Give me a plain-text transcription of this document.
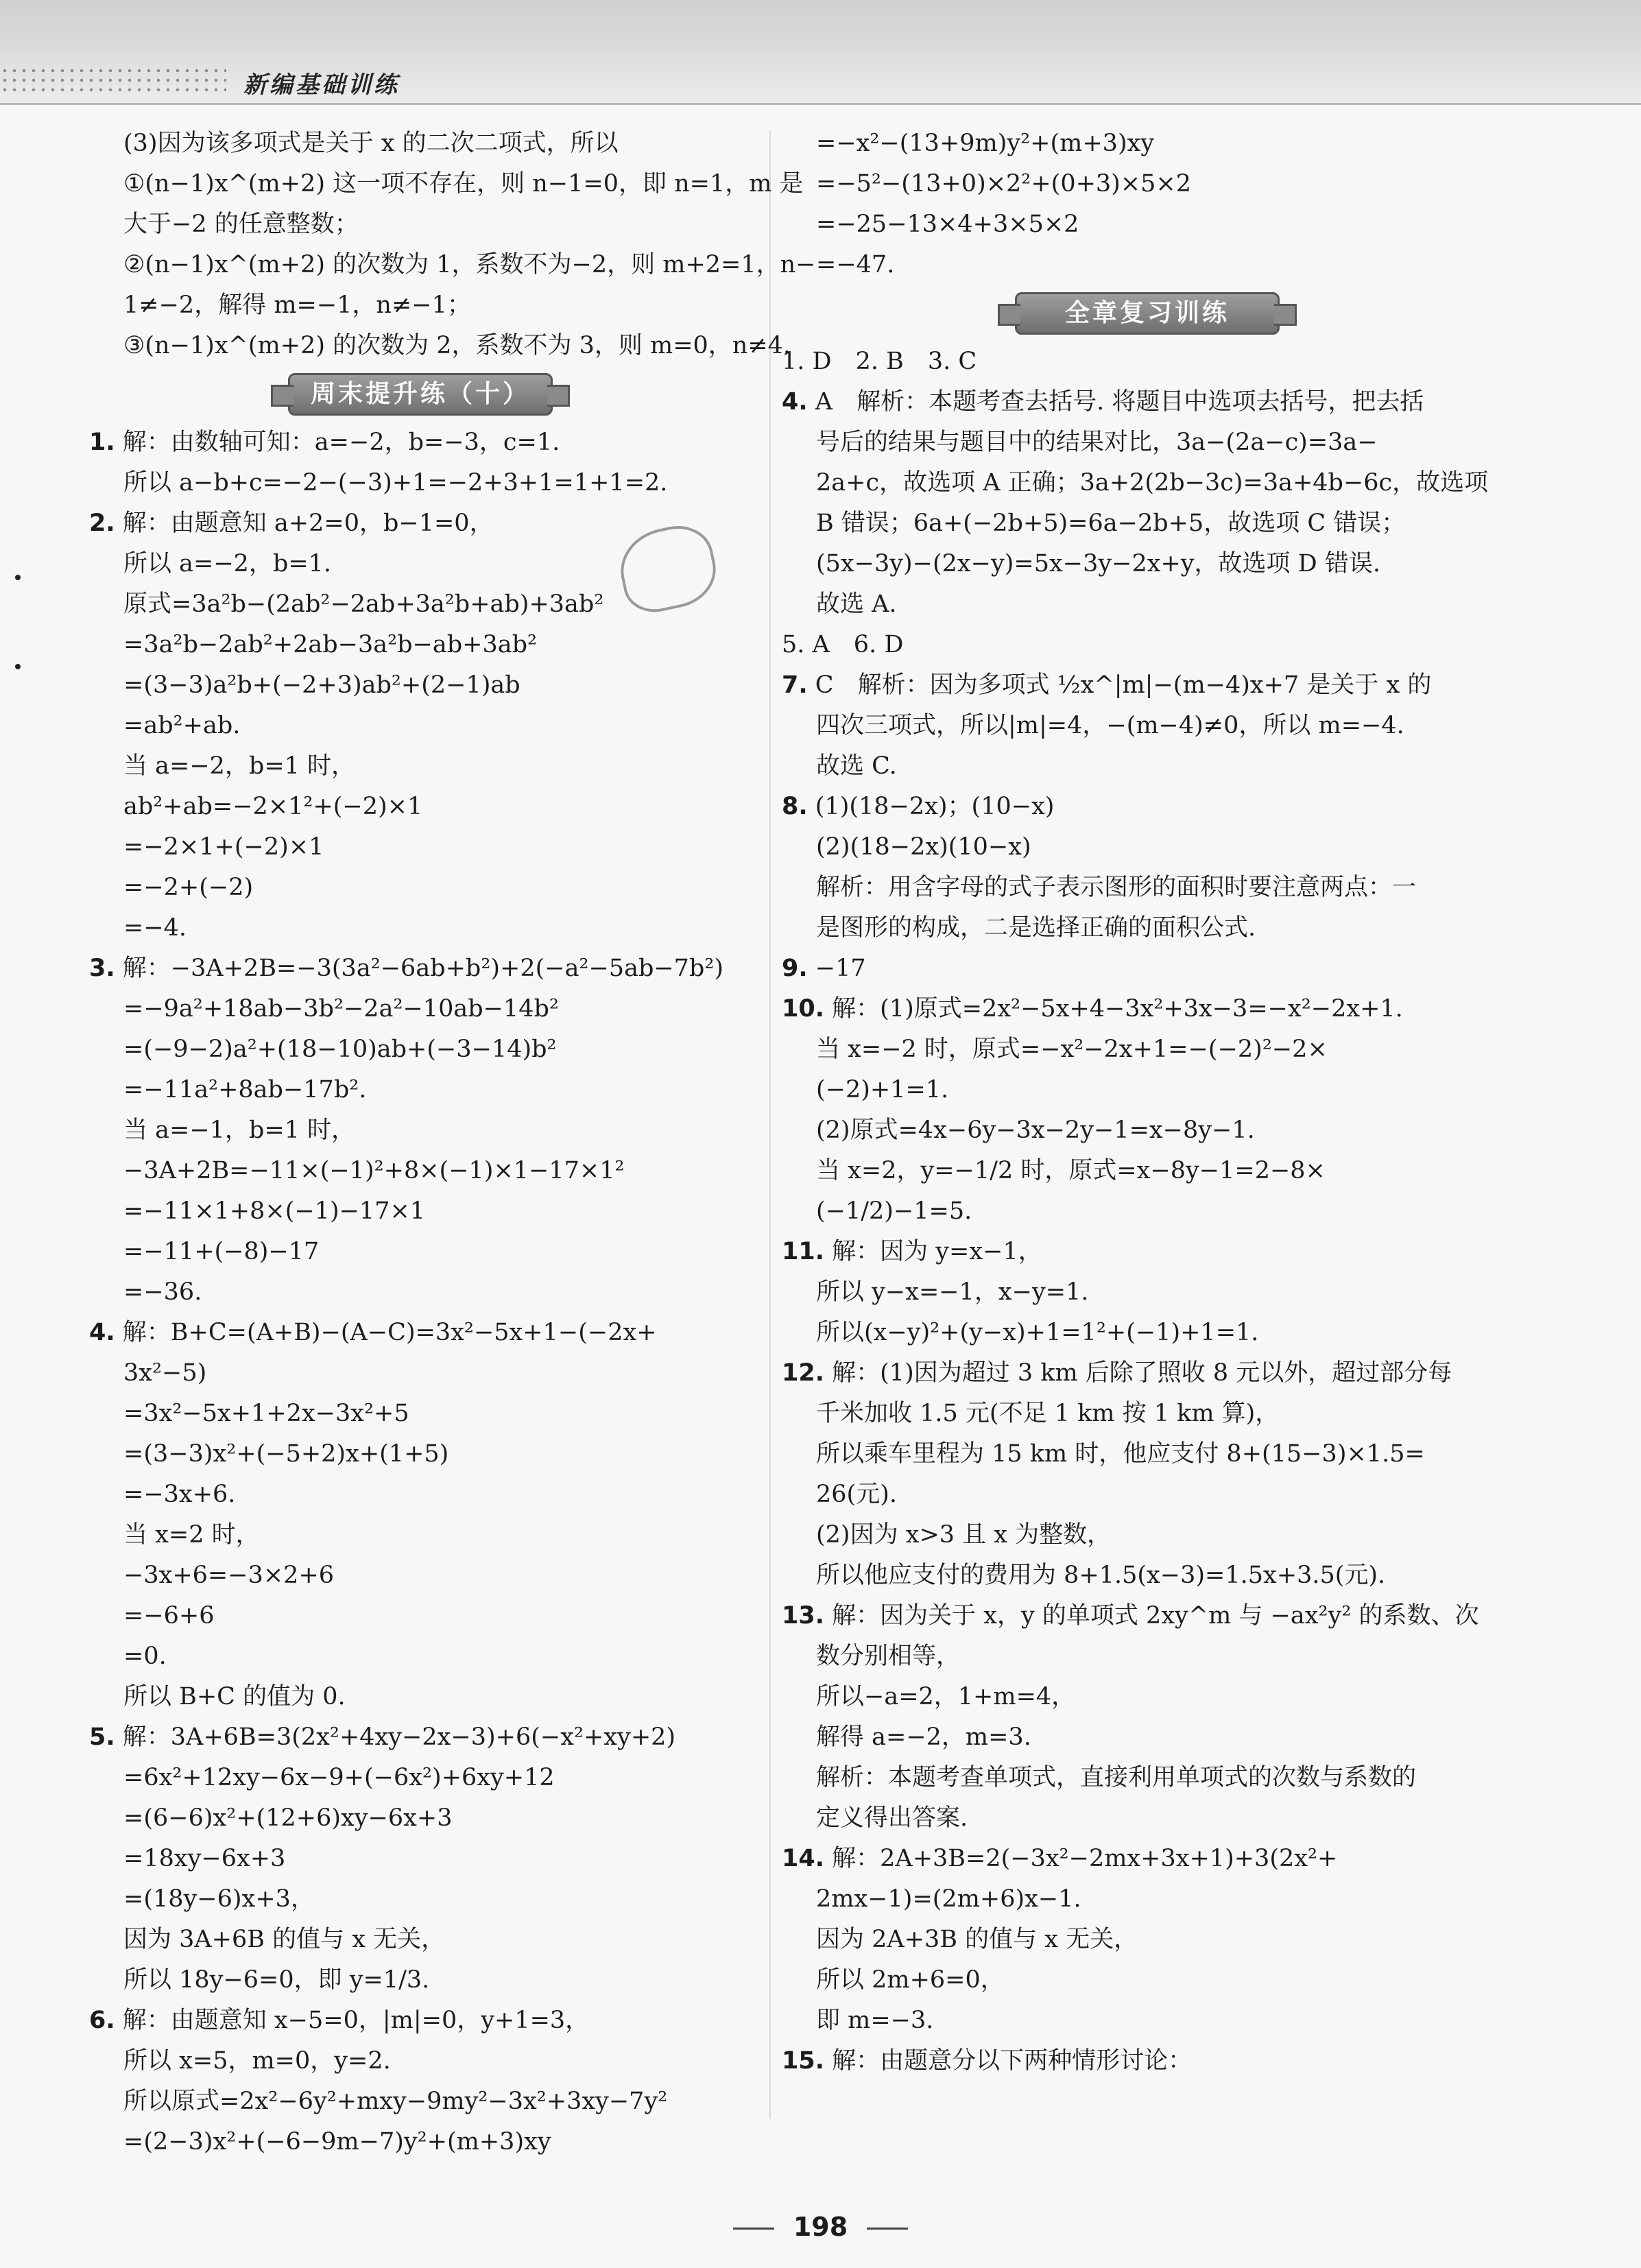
新编基础训练
(3)因为该多项式是关于 x 的二次二项式，所以
①(n−1)x^(m+2) 这一项不存在，则 n−1=0，即 n=1，m 是
大于−2 的任意整数；
②(n−1)x^(m+2) 的次数为 1，系数不为−2，则 m+2=1，n−
1≠−2，解得 m=−1，n≠−1；
③(n−1)x^(m+2) 的次数为 2，系数不为 3，则 m=0，n≠4.
周末提升练（十）
1. 解：由数轴可知：a=−2，b=−3，c=1.
所以 a−b+c=−2−(−3)+1=−2+3+1=1+1=2.
2. 解：由题意知 a+2=0，b−1=0，
所以 a=−2，b=1.
原式=3a²b−(2ab²−2ab+3a²b+ab)+3ab²
=3a²b−2ab²+2ab−3a²b−ab+3ab²
=(3−3)a²b+(−2+3)ab²+(2−1)ab
=ab²+ab.
当 a=−2，b=1 时，
ab²+ab=−2×1²+(−2)×1
=−2×1+(−2)×1
=−2+(−2)
=−4.
3. 解：−3A+2B=−3(3a²−6ab+b²)+2(−a²−5ab−7b²)
=−9a²+18ab−3b²−2a²−10ab−14b²
=(−9−2)a²+(18−10)ab+(−3−14)b²
=−11a²+8ab−17b².
当 a=−1，b=1 时，
−3A+2B=−11×(−1)²+8×(−1)×1−17×1²
=−11×1+8×(−1)−17×1
=−11+(−8)−17
=−36.
4. 解：B+C=(A+B)−(A−C)=3x²−5x+1−(−2x+
3x²−5)
=3x²−5x+1+2x−3x²+5
=(3−3)x²+(−5+2)x+(1+5)
=−3x+6.
当 x=2 时，
−3x+6=−3×2+6
=−6+6
=0.
所以 B+C 的值为 0.
5. 解：3A+6B=3(2x²+4xy−2x−3)+6(−x²+xy+2)
=6x²+12xy−6x−9+(−6x²)+6xy+12
=(6−6)x²+(12+6)xy−6x+3
=18xy−6x+3
=(18y−6)x+3，
因为 3A+6B 的值与 x 无关，
所以 18y−6=0，即 y=1/3.
6. 解：由题意知 x−5=0，|m|=0，y+1=3，
所以 x=5，m=0，y=2.
所以原式=2x²−6y²+mxy−9my²−3x²+3xy−7y²
=(2−3)x²+(−6−9m−7)y²+(m+3)xy
=−x²−(13+9m)y²+(m+3)xy
=−5²−(13+0)×2²+(0+3)×5×2
=−25−13×4+3×5×2
=−47.
全章复习训练
1. D　2. B　3. C
4. A　解析：本题考查去括号. 将题目中选项去括号，把去括
号后的结果与题目中的结果对比，3a−(2a−c)=3a−
2a+c，故选项 A 正确；3a+2(2b−3c)=3a+4b−6c，故选项
B 错误；6a+(−2b+5)=6a−2b+5，故选项 C 错误；
(5x−3y)−(2x−y)=5x−3y−2x+y，故选项 D 错误.
故选 A.
5. A　6. D
7. C　解析：因为多项式 ½x^|m|−(m−4)x+7 是关于 x 的
四次三项式，所以|m|=4，−(m−4)≠0，所以 m=−4.
故选 C.
8. (1)(18−2x)；(10−x)
(2)(18−2x)(10−x)
解析：用含字母的式子表示图形的面积时要注意两点：一
是图形的构成，二是选择正确的面积公式.
9. −17
10. 解：(1)原式=2x²−5x+4−3x²+3x−3=−x²−2x+1.
当 x=−2 时，原式=−x²−2x+1=−(−2)²−2×
(−2)+1=1.
(2)原式=4x−6y−3x−2y−1=x−8y−1.
当 x=2，y=−1/2 时，原式=x−8y−1=2−8×
(−1/2)−1=5.
11. 解：因为 y=x−1，
所以 y−x=−1，x−y=1.
所以(x−y)²+(y−x)+1=1²+(−1)+1=1.
12. 解：(1)因为超过 3 km 后除了照收 8 元以外，超过部分每
千米加收 1.5 元(不足 1 km 按 1 km 算)，
所以乘车里程为 15 km 时，他应支付 8+(15−3)×1.5=
26(元).
(2)因为 x>3 且 x 为整数，
所以他应支付的费用为 8+1.5(x−3)=1.5x+3.5(元).
13. 解：因为关于 x，y 的单项式 2xy^m 与 −ax²y² 的系数、次
数分别相等，
所以−a=2，1+m=4，
解得 a=−2，m=3.
解析：本题考查单项式，直接利用单项式的次数与系数的
定义得出答案.
14. 解：2A+3B=2(−3x²−2mx+3x+1)+3(2x²+
2mx−1)=(2m+6)x−1.
因为 2A+3B 的值与 x 无关，
所以 2m+6=0，
即 m=−3.
15. 解：由题意分以下两种情形讨论：
198
